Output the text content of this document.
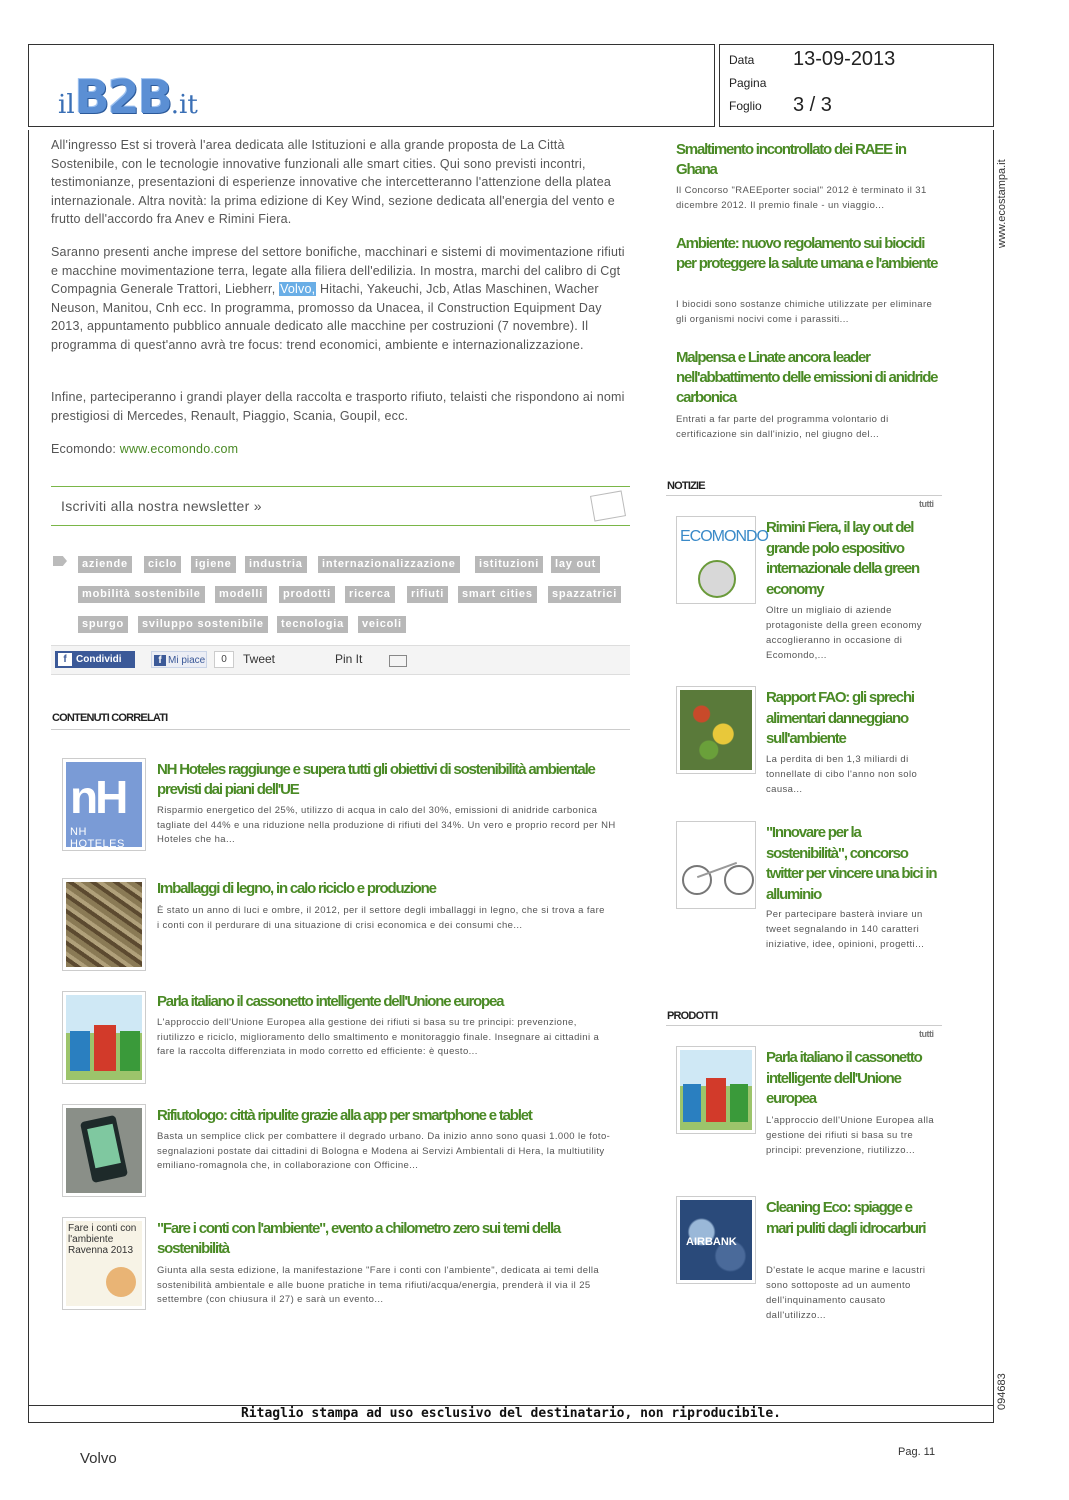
ilB2B.it
Data 13-09-2013
Pagina
Foglio 3 / 3
www.ecostampa.it
094683
All'ingresso Est si troverà l'area dedicata alle Istituzioni e alla grande proposta de La Città Sostenibile, con le tecnologie innovative funzionali alle smart cities. Qui sono previsti incontri, testimonianze, presentazioni di esperienze innovative che intercetteranno l'attenzione della platea internazionale. Altra novità: la prima edizione di Key Wind, sezione dedicata all'energia del vento e frutto dell'accordo fra Anev e Rimini Fiera.
Saranno presenti anche imprese del settore bonifiche, macchinari e sistemi di movimentazione rifiuti e macchine movimentazione terra, legate alla filiera dell'edilizia. In mostra, marchi del calibro di Cgt Compagnia Generale Trattori, Liebherr, Volvo, Hitachi, Yakeuchi, Jcb, Atlas Maschinen, Wacher Neuson, Manitou, Cnh ecc. In programma, promosso da Unacea, il Construction Equipment Day 2013, appuntamento pubblico annuale dedicato alle macchine per costruzioni (7 novembre). Il programma di quest'anno avrà tre focus: trend economici, ambiente e internazionalizzazione.
Infine, parteciperanno i grandi player della raccolta e trasporto rifiuto, telaisti che rispondono ai nomi prestigiosi di Mercedes, Renault, Piaggio, Scania, Goupil, ecc.
Ecomondo: www.ecomondo.com
Iscriviti alla nostra newsletter »
aziende	ciclo	igiene	industria	internazionalizzazione	istituzioni	lay out
mobilità sostenibile	modelli	prodotti	ricerca	rifiuti	smart cities	spazzatrici
spurgo	sviluppo sostenibile	tecnologia	veicoli
f Condividi	f Mi piace	0	Tweet	Pin It
CONTENUTI CORRELATI
nH
NH HOTELES
NH Hoteles raggiunge e supera tutti gli obiettivi di sostenibilità ambientale previsti dai piani dell'UE
Risparmio energetico del 25%, utilizzo di acqua in calo del 30%, emissioni di anidride carbonica tagliate del 44% e una riduzione nella produzione di rifiuti del 34%. Un vero e proprio record per NH Hoteles che ha...
Imballaggi di legno, in calo riciclo e produzione
È stato un anno di luci e ombre, il 2012, per il settore degli imballaggi in legno, che si trova a fare i conti con il perdurare di una situazione di crisi economica e dei consumi che...
Parla italiano il cassonetto intelligente dell'Unione europea
L'approccio dell'Unione Europea alla gestione dei rifiuti si basa su tre principi: prevenzione, riutilizzo e riciclo, miglioramento dello smaltimento e monitoraggio finale. Insegnare ai cittadini a fare la raccolta differenziata in modo corretto ed efficiente: è questo...
Rifiutologo: città ripulite grazie alla app per smartphone e tablet
Basta un semplice click per combattere il degrado urbano. Da inizio anno sono quasi 1.000 le foto-segnalazioni postate dai cittadini di Bologna e Modena ai Servizi Ambientali di Hera, la multiutility emiliano-romagnola che, in collaborazione con Officine...
Fare i conti con l'ambiente Ravenna 2013
"Fare i conti con l'ambiente", evento a chilometro zero sui temi della sostenibilità
Giunta alla sesta edizione, la manifestazione "Fare i conti con l'ambiente", dedicata ai temi della sostenibilità ambientale e alle buone pratiche in tema rifiuti/acqua/energia, prenderà il via il 25 settembre (con chiusura il 27) e sarà un evento...
Smaltimento incontrollato dei RAEE in Ghana
Il Concorso "RAEEporter social" 2012 è terminato il 31 dicembre 2012. Il premio finale - un viaggio...
Ambiente: nuovo regolamento sui biocidi per proteggere la salute umana e l'ambiente
I biocidi sono sostanze chimiche utilizzate per eliminare gli organismi nocivi come i parassiti...
Malpensa e Linate ancora leader nell'abbattimento delle emissioni di anidride carbonica
Entrati a far parte del programma volontario di certificazione sin dall'inizio, nel giugno del...
NOTIZIE
tutti
ECOMONDO
Rimini Fiera, il lay out del grande polo espositivo internazionale della green economy
Oltre un migliaio di aziende protagoniste della green economy accoglieranno in occasione di Ecomondo,...
Rapport FAO: gli sprechi alimentari danneggiano sull'ambiente
La perdita di ben 1,3 miliardi di tonnellate di cibo l'anno non solo causa...
"Innovare per la sostenibilità", concorso twitter per vincere una bici in alluminio
Per partecipare basterà inviare un tweet segnalando in 140 caratteri iniziative, idee, opinioni, progetti...
PRODOTTI
tutti
Parla italiano il cassonetto intelligente dell'Unione europea
L'approccio dell'Unione Europea alla gestione dei rifiuti si basa su tre principi: prevenzione, riutilizzo...
AIRBANK
Cleaning Eco: spiagge e mari puliti dagli idrocarburi
D'estate le acque marine e lacustri sono sottoposte ad un aumento dell'inquinamento causato dall'utilizzo...
Ritaglio stampa ad uso esclusivo del destinatario, non riproducibile.
Volvo	Pag. 11
